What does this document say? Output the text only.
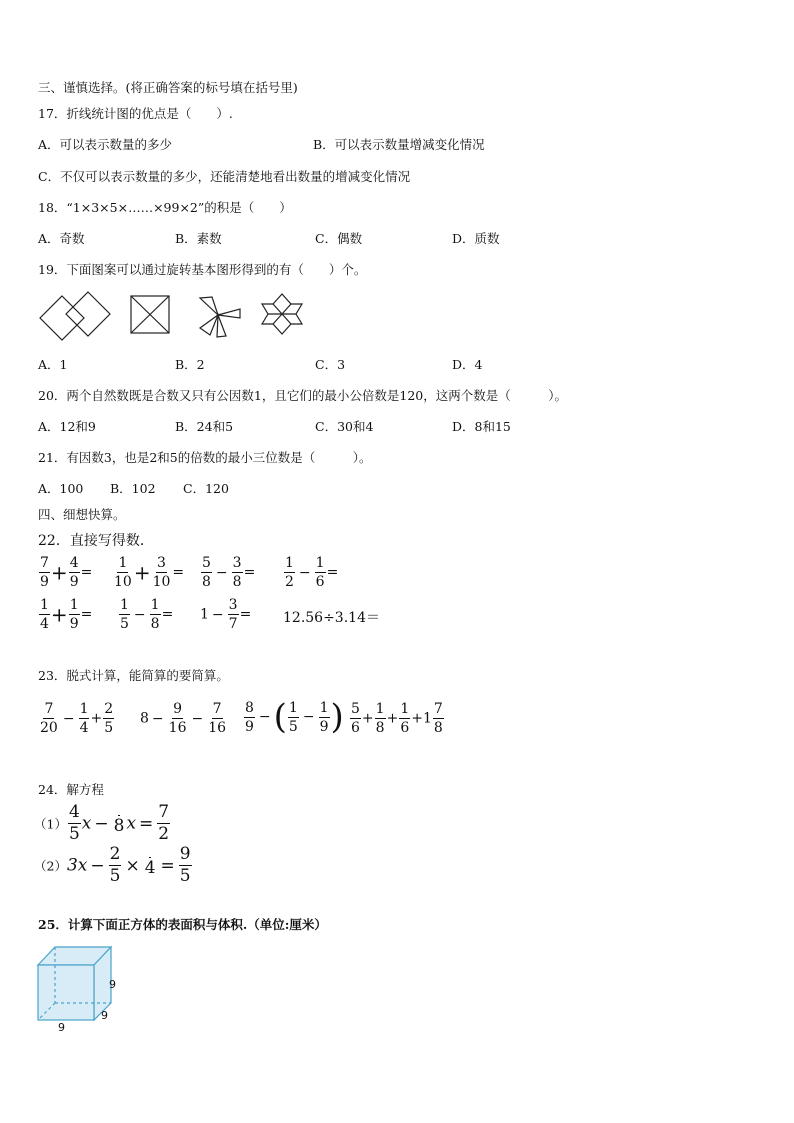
三、谨慎选择。(将正确答案的标号填在括号里)
17．折线统计图的优点是（　　）.
A．可以表示数量的多少	B．可以表示数量增减变化情况
C．不仅可以表示数量的多少，还能清楚地看出数量的增减变化情况
18．“1×3×5×……×99×2”的积是（　　）
A．奇数	B．素数	C．偶数	D．质数
19．下面图案可以通过旋转基本图形得到的有（　　）个。
A．1	B．2	C．3	D．4
20．两个自然数既是合数又只有公因数1，且它们的最小公倍数是120，这两个数是（　　　）。
A．12和9	B．24和5	C．30和4	D．8和15
21．有因数3，也是2和5的倍数的最小三位数是（　　　）。
A．100 B．102 C．120
四、细想快算。
22．直接写得数．
$\frac{7}{9} + \frac{4}{9} = \frac{1}{10} + \frac{3}{10} = \frac{5}{8} - \frac{3}{8} = \frac{1}{2} - \frac{1}{6}$ =
$\frac{1}{4} + \frac{1}{9} = \frac{1}{5} - \frac{1}{8} = 1 - \frac{3}{7} = 12.56\div 3.14=$
23．脱式计算，能简算的要简算。
$\frac{7}{20} - \frac{1}{4} + \frac{2}{5} 8 - \frac{9}{16} - \frac{7}{16} \frac{8}{9}$ −( $\frac{1}{5} - \frac{1}{9}$ ) $\frac{5}{6} + \frac{1}{8} + \frac{1}{6} +1 \frac{7}{8}$
24．解方程
$(1) \frac{4}{5}$ x − 8 $x = \frac{7}{2}$
$(2)3x - \frac{2}{5} \times 4 = \frac{9}{5}$
25．计算下面正方体的表面积与体积.（单位:厘米）
9
9
9
